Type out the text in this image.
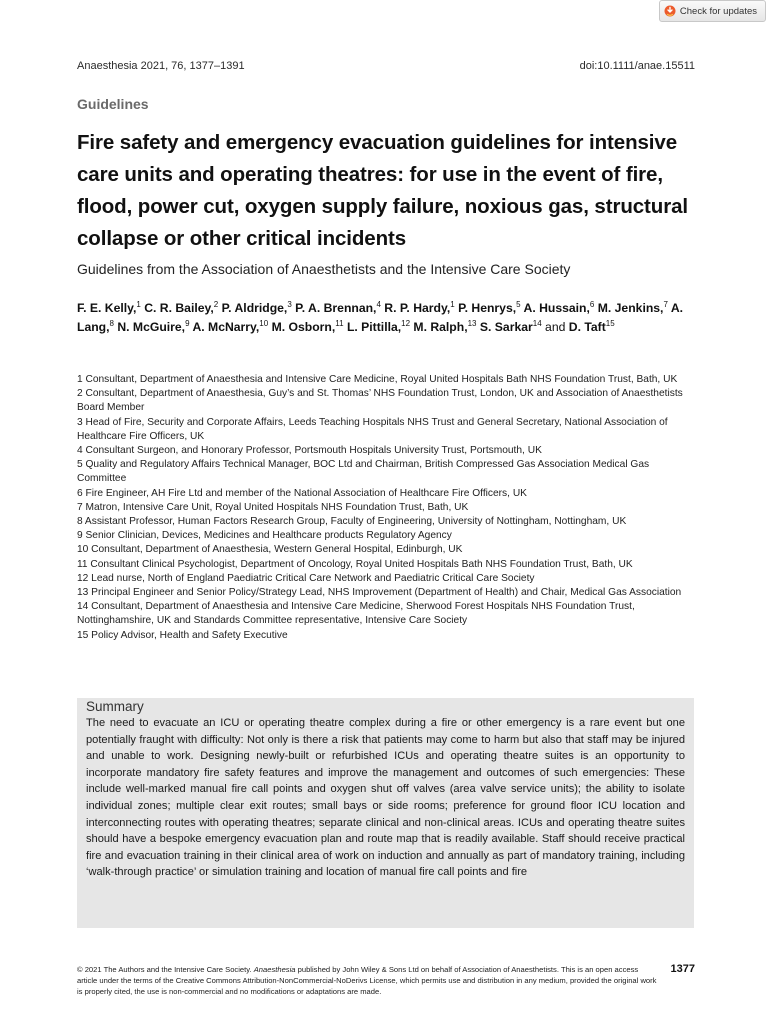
Check for updates
Anaesthesia 2021, 76, 1377–1391	doi:10.1111/anae.15511
Guidelines
Fire safety and emergency evacuation guidelines for intensive care units and operating theatres: for use in the event of fire, flood, power cut, oxygen supply failure, noxious gas, structural collapse or other critical incidents
Guidelines from the Association of Anaesthetists and the Intensive Care Society
F. E. Kelly,$^1$ C. R. Bailey,$^2$ P. Aldridge,$^3$ P. A. Brennan,$^4$ R. P. Hardy,$^1$ P. Henrys,$^5$ A. Hussain,$^6$ M. Jenkins,$^7$ A. Lang,$^8$ N. McGuire,$^9$ A. McNarry,$^{10}$ M. Osborn,$^{11}$ L. Pittilla,$^{12}$ M. Ralph,$^{13}$ S. Sarkar$^{14}$ and D. Taft$^{15}$

1 Consultant, Department of Anaesthesia and Intensive Care Medicine, Royal United Hospitals Bath NHS Foundation Trust, Bath, UK

2 Consultant, Department of Anaesthesia, Guy’s and St. Thomas’ NHS Foundation Trust, London, UK and Association of Anaesthetists Board Member

3 Head of Fire, Security and Corporate Affairs, Leeds Teaching Hospitals NHS Trust and General Secretary, National Association of Healthcare Fire Officers, UK

4 Consultant Surgeon, and Honorary Professor, Portsmouth Hospitals University Trust, Portsmouth, UK

5 Quality and Regulatory Affairs Technical Manager, BOC Ltd and Chairman, British Compressed Gas Association Medical Gas Committee

6 Fire Engineer, AH Fire Ltd and member of the National Association of Healthcare Fire Officers, UK

7 Matron, Intensive Care Unit, Royal United Hospitals NHS Foundation Trust, Bath, UK

8 Assistant Professor, Human Factors Research Group, Faculty of Engineering, University of Nottingham, Nottingham, UK

9 Senior Clinician, Devices, Medicines and Healthcare products Regulatory Agency

10 Consultant, Department of Anaesthesia, Western General Hospital, Edinburgh, UK

11 Consultant Clinical Psychologist, Department of Oncology, Royal United Hospitals Bath NHS Foundation Trust, Bath, UK

12 Lead nurse, North of England Paediatric Critical Care Network and Paediatric Critical Care Society

13 Principal Engineer and Senior Policy/Strategy Lead, NHS Improvement (Department of Health) and Chair, Medical Gas Association

14 Consultant, Department of Anaesthesia and Intensive Care Medicine, Sherwood Forest Hospitals NHS Foundation Trust, Nottinghamshire, UK and Standards Committee representative, Intensive Care Society

15 Policy Advisor, Health and Safety Executive

Summary

The need to evacuate an ICU or operating theatre complex during a fire or other emergency is a rare event but one potentially fraught with difficulty: Not only is there a risk that patients may come to harm but also that staff may be injured and unable to work. Designing newly-built or refurbished ICUs and operating theatre suites is an opportunity to incorporate mandatory fire safety features and improve the management and outcomes of such emergencies: These include well-marked manual fire call points and oxygen shut off valves (area valve service units); the ability to isolate individual zones; multiple clear exit routes; small bays or side rooms; preference for ground floor ICU location and interconnecting routes with operating theatres; separate clinical and non-clinical areas. ICUs and operating theatre suites should have a bespoke emergency evacuation plan and route map that is readily available. Staff should receive practical fire and evacuation training in their clinical area of work on induction and annually as part of mandatory training, including ‘walk-through practice’ or simulation training and location of manual fire call points and fire

© 2021 The Authors and the Intensive Care Society. Anaesthesia published by John Wiley & Sons Ltd on behalf of Association of Anaesthetists. This is an open access article under the terms of the Creative Commons Attribution-NonCommercial-NoDerivs License, which permits use and distribution in any medium, provided the original work is properly cited, the use is non-commercial and no modifications or adaptations are made.
1377
